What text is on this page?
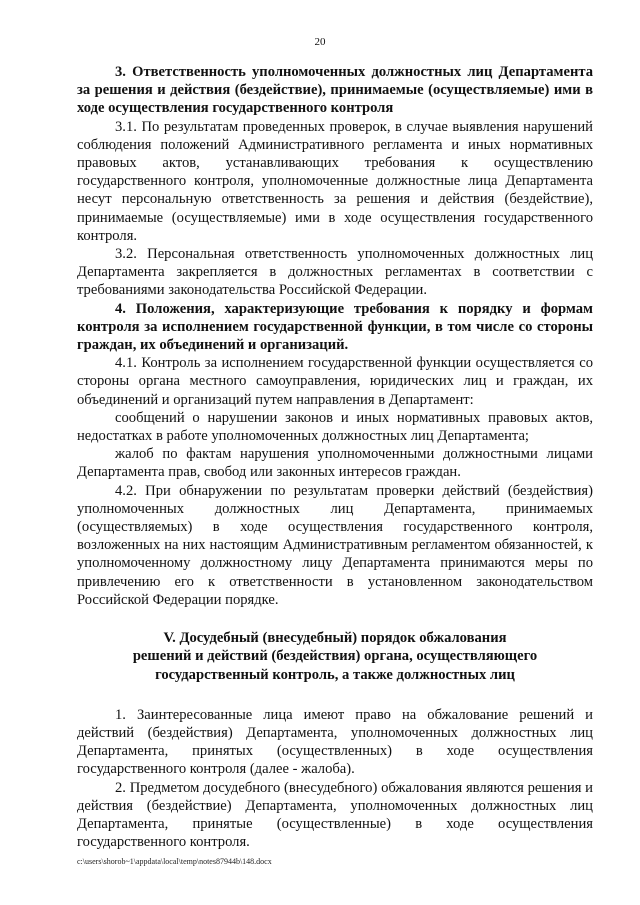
20

3. Ответственность уполномоченных должностных лиц Департамента за решения и действия (бездействие), принимаемые (осуществляемые) ими в ходе осуществления государственного контроля

3.1. По результатам проведенных проверок, в случае выявления нарушений соблюдения положений Административного регламента и иных нормативных правовых актов, устанавливающих требования к осуществлению государственного контроля, уполномоченные должностные лица Департамента несут персональную ответственность за решения и действия (бездействие), принимаемые (осуществляемые) ими в ходе осуществления государственного контроля.

3.2. Персональная ответственность уполномоченных должностных лиц Департамента закрепляется в должностных регламентах в соответствии с требованиями законодательства Российской Федерации.

4. Положения, характеризующие требования к порядку и формам контроля за исполнением государственной функции, в том числе со стороны граждан, их объединений и организаций.

4.1. Контроль за исполнением государственной функции осуществляется со стороны органа местного самоуправления, юридических лиц и граждан, их объединений и организаций путем направления в Департамент:

сообщений о нарушении законов и иных нормативных правовых актов, недостатках в работе уполномоченных должностных лиц Департамента;

жалоб по фактам нарушения уполномоченными должностными лицами Департамента прав, свобод или законных интересов граждан.

4.2. При обнаружении по результатам проверки действий (бездействия) уполномоченных должностных лиц Департамента, принимаемых (осуществляемых) в ходе осуществления государственного контроля, возложенных на них настоящим Административным регламентом обязанностей, к уполномоченному должностному лицу Департамента принимаются меры по привлечению его к ответственности в установленном законодательством Российской Федерации порядке.

V. Досудебный (внесудебный) порядок обжалования
решений и действий (бездействия) органа, осуществляющего
государственный контроль, а также должностных лиц

1. Заинтересованные лица имеют право на обжалование решений и действий (бездействия) Департамента, уполномоченных должностных лиц Департамента, принятых (осуществленных) в ходе осуществления государственного контроля (далее - жалоба).

2. Предметом досудебного (внесудебного) обжалования являются решения и действия (бездействие) Департамента, уполномоченных должностных лиц Департамента, принятые (осуществленные) в ходе осуществления государственного контроля.

c:\users\shorob~1\appdata\local\temp\notes87944b\148.docx
